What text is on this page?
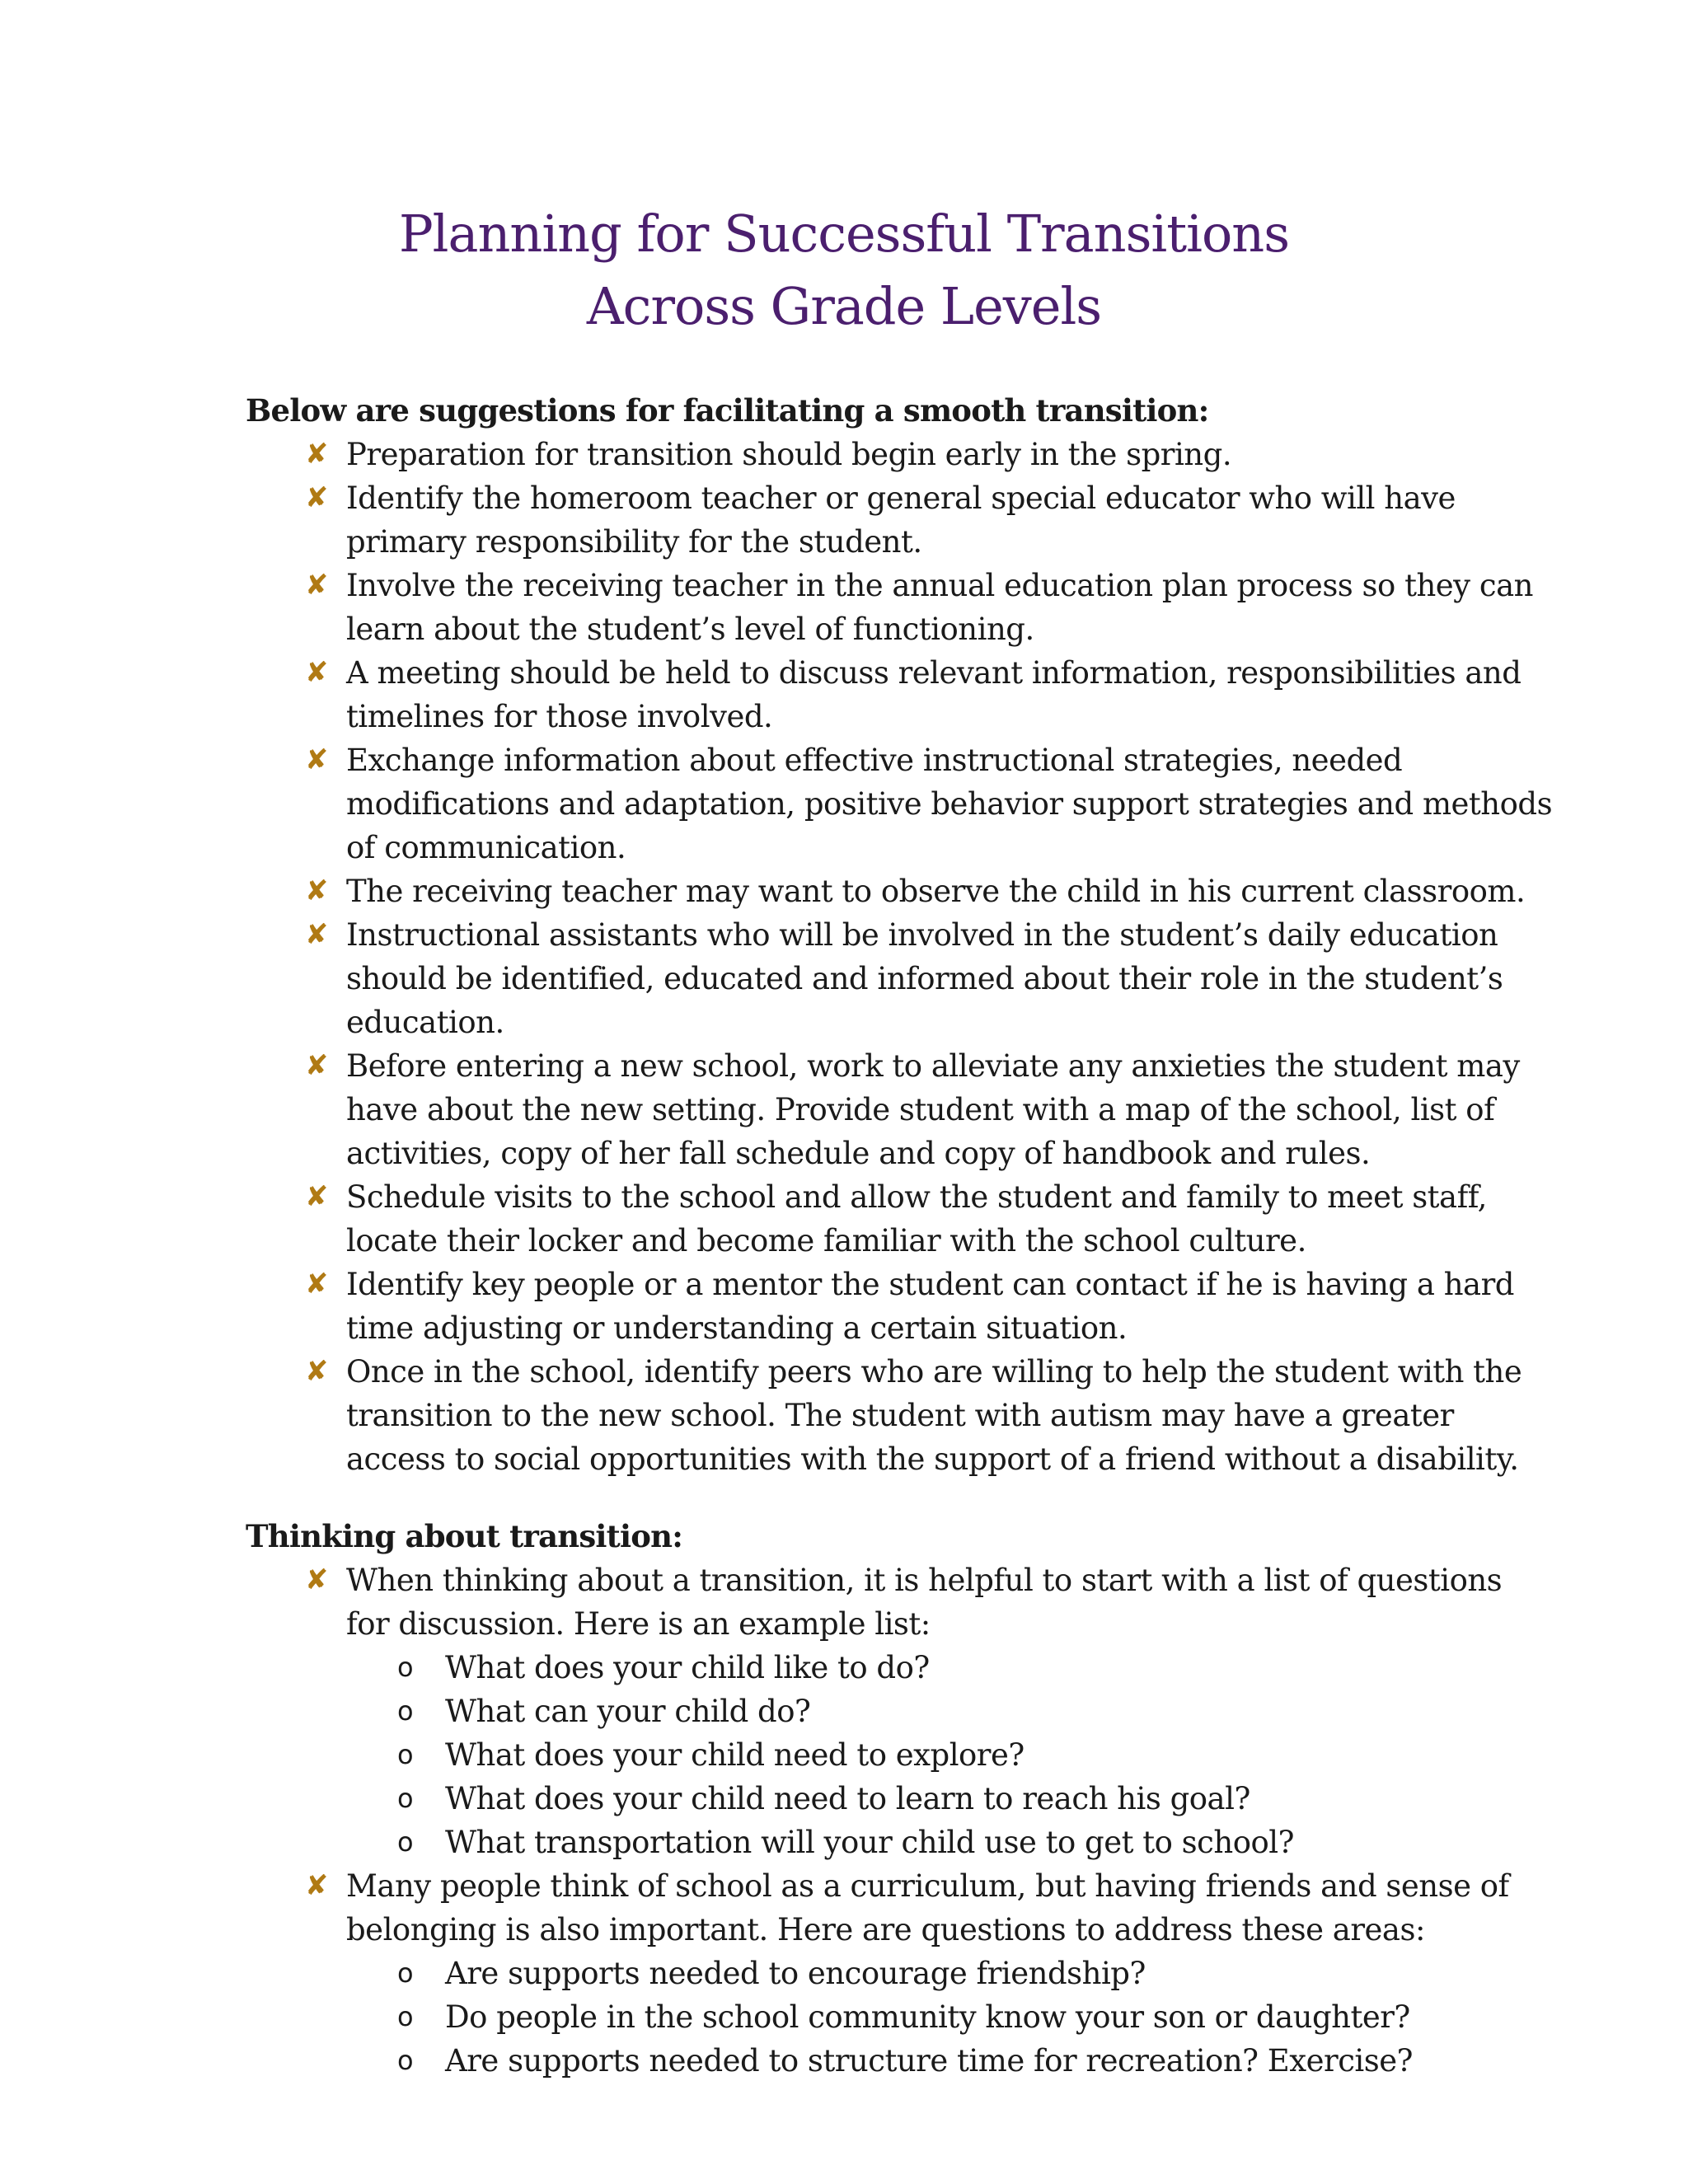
Planning for Successful Transitions
Across Grade Levels
Below are suggestions for facilitating a smooth transition:
✘ Preparation for transition should begin early in the spring.
✘ Identify the homeroom teacher or general special educator who will have
primary responsibility for the student.
✘ Involve the receiving teacher in the annual education plan process so they can
learn about the student’s level of functioning.
✘ A meeting should be held to discuss relevant information, responsibilities and
timelines for those involved.
✘ Exchange information about effective instructional strategies, needed
modifications and adaptation, positive behavior support strategies and methods
of communication.
✘ The receiving teacher may want to observe the child in his current classroom.
✘ Instructional assistants who will be involved in the student’s daily education
should be identified, educated and informed about their role in the student’s
education.
✘ Before entering a new school, work to alleviate any anxieties the student may
have about the new setting. Provide student with a map of the school, list of
activities, copy of her fall schedule and copy of handbook and rules.
✘ Schedule visits to the school and allow the student and family to meet staff,
locate their locker and become familiar with the school culture.
✘ Identify key people or a mentor the student can contact if he is having a hard
time adjusting or understanding a certain situation.
✘ Once in the school, identify peers who are willing to help the student with the
transition to the new school. The student with autism may have a greater
access to social opportunities with the support of a friend without a disability.
Thinking about transition:
✘ When thinking about a transition, it is helpful to start with a list of questions
for discussion. Here is an example list:
o What does your child like to do?
o What can your child do?
o What does your child need to explore?
o What does your child need to learn to reach his goal?
o What transportation will your child use to get to school?
✘ Many people think of school as a curriculum, but having friends and sense of
belonging is also important. Here are questions to address these areas:
o Are supports needed to encourage friendship?
o Do people in the school community know your son or daughter?
o Are supports needed to structure time for recreation? Exercise?
